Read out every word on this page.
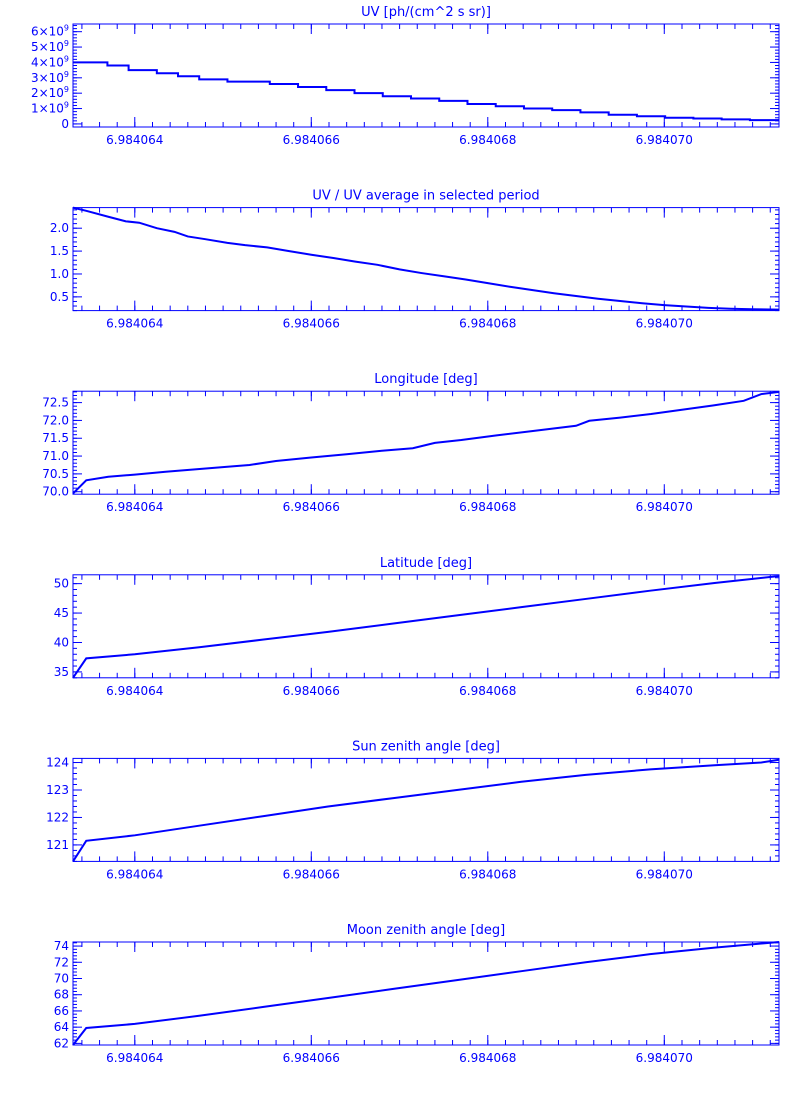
UV [ph/(cm^2 s sr)]
6.984064	6.984066	6.984068	6.984070
0
$1\times 10^9$
$2\times 10^9$
$3\times 10^9$
$4\times 10^9$
$5\times 10^9$
$6\times 10^9$
UV / UV average in selected period
6.984064	6.984066	6.984068	6.984070
0.5
1.0
1.5
2.0
Longitude [deg]
6.984064	6.984066	6.984068	6.984070
70.0
70.5
71.0
71.5
72.0
72.5
Latitude [deg]
6.984064	6.984066	6.984068	6.984070
35
40
45
50
Sun zenith angle [deg]
6.984064	6.984066	6.984068	6.984070
121
122
123
124
Moon zenith angle [deg]
6.984064	6.984066	6.984068	6.984070
62
64
66
68
70
72
74
